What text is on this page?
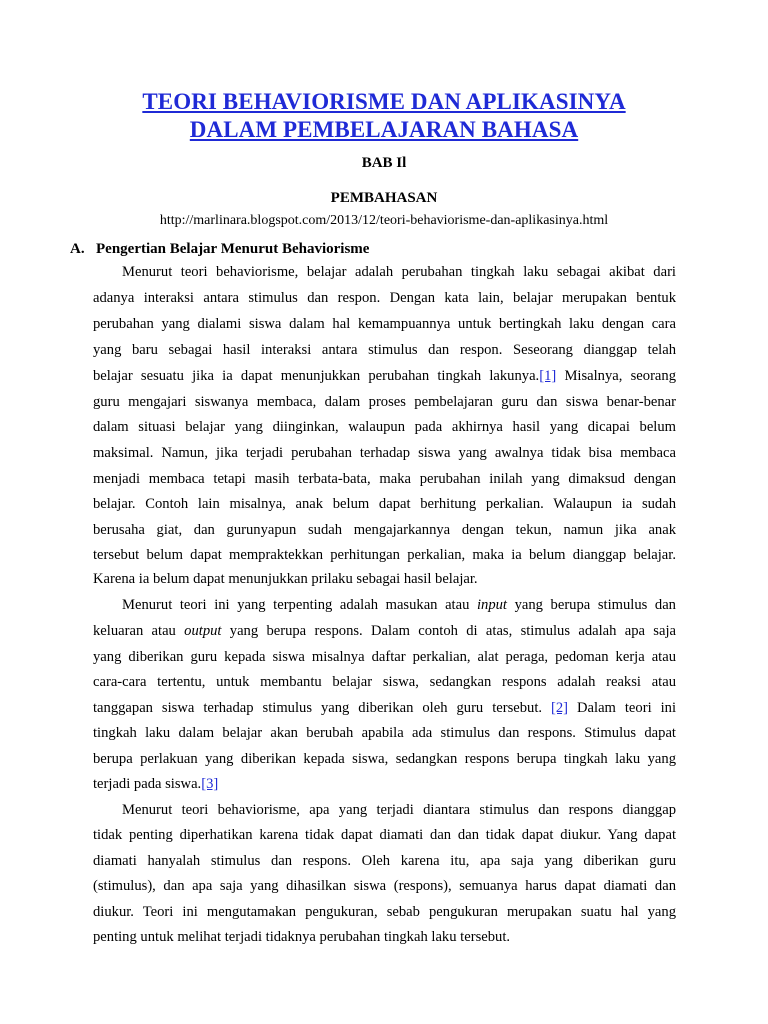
TEORI BEHAVIORISME DAN APLIKASINYA
DALAM PEMBELAJARAN BAHASA
BAB Il
PEMBAHASAN
http://marlinara.blogspot.com/2013/12/teori-behaviorisme-dan-aplikasinya.html
A. Pengertian Belajar Menurut Behaviorisme
Menurut teori behaviorisme, belajar adalah perubahan tingkah laku sebagai akibat dari
adanya interaksi antara stimulus dan respon. Dengan kata lain, belajar merupakan bentuk
perubahan yang dialami siswa dalam hal kemampuannya untuk bertingkah laku dengan cara
yang baru sebagai hasil interaksi antara stimulus dan respon. Seseorang dianggap telah
belajar sesuatu jika ia dapat menunjukkan perubahan tingkah lakunya.[1] Misalnya, seorang
guru mengajari siswanya membaca, dalam proses pembelajaran guru dan siswa benar-benar
dalam situasi belajar yang diinginkan, walaupun pada akhirnya hasil yang dicapai belum
maksimal. Namun, jika terjadi perubahan terhadap siswa yang awalnya tidak bisa membaca
menjadi membaca tetapi masih terbata-bata, maka perubahan inilah yang dimaksud dengan
belajar. Contoh lain misalnya, anak belum dapat berhitung perkalian. Walaupun ia sudah
berusaha giat, dan gurunyapun sudah mengajarkannya dengan tekun, namun jika anak
tersebut belum dapat mempraktekkan perhitungan perkalian, maka ia belum dianggap belajar.
Karena ia belum dapat menunjukkan prilaku sebagai hasil belajar.
Menurut teori ini yang terpenting adalah masukan atau input yang berupa stimulus dan
keluaran atau output yang berupa respons. Dalam contoh di atas, stimulus adalah apa saja
yang diberikan guru kepada siswa misalnya daftar perkalian, alat peraga, pedoman kerja atau
cara-cara tertentu, untuk membantu belajar siswa, sedangkan respons adalah reaksi atau
tanggapan siswa terhadap stimulus yang diberikan oleh guru tersebut. [2] Dalam teori ini
tingkah laku dalam belajar akan berubah apabila ada stimulus dan respons. Stimulus dapat
berupa perlakuan yang diberikan kepada siswa, sedangkan respons berupa tingkah laku yang
terjadi pada siswa.[3]
Menurut teori behaviorisme, apa yang terjadi diantara stimulus dan respons dianggap
tidak penting diperhatikan karena tidak dapat diamati dan dan tidak dapat diukur. Yang dapat
diamati hanyalah stimulus dan respons. Oleh karena itu, apa saja yang diberikan guru
(stimulus), dan apa saja yang dihasilkan siswa (respons), semuanya harus dapat diamati dan
diukur. Teori ini mengutamakan pengukuran, sebab pengukuran merupakan suatu hal yang
penting untuk melihat terjadi tidaknya perubahan tingkah laku tersebut.
